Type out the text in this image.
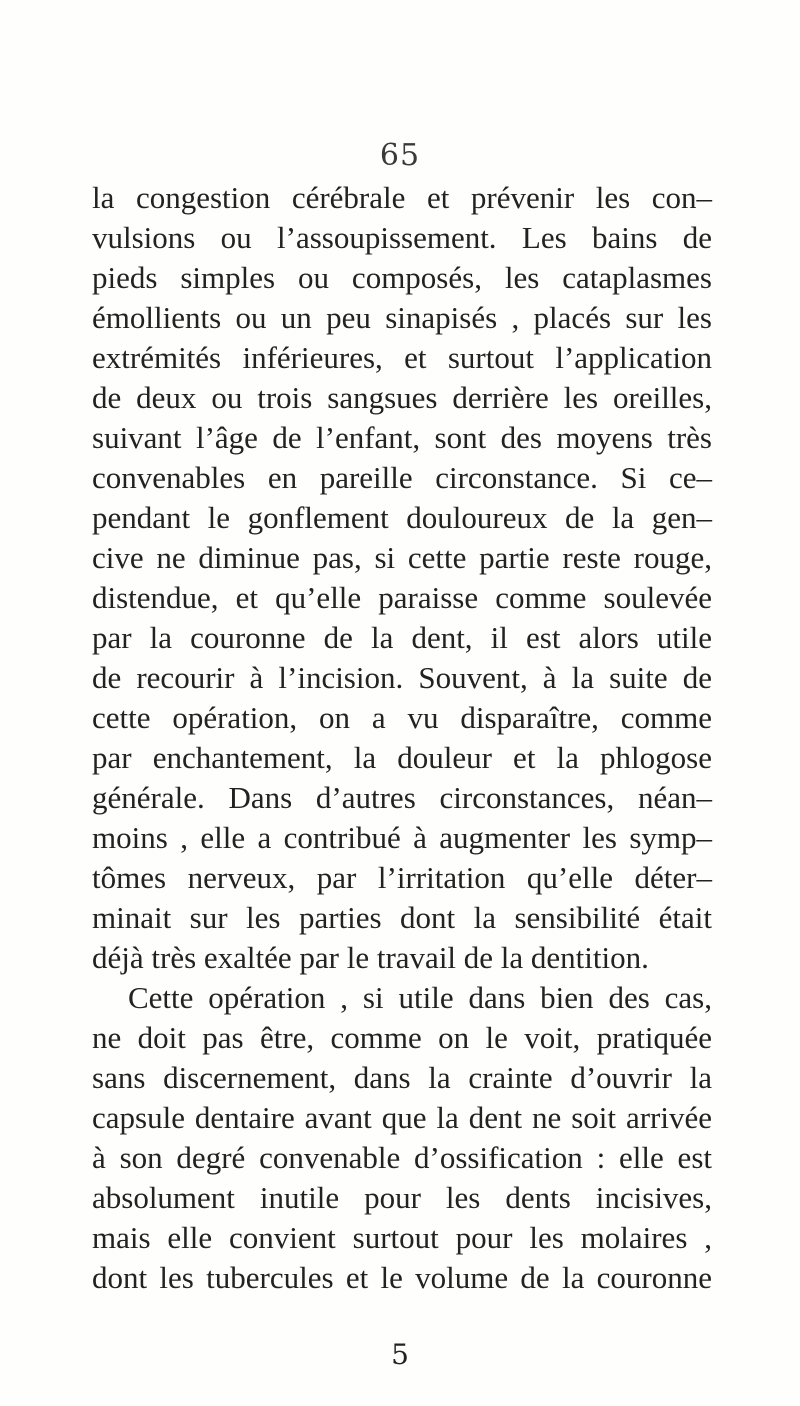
65
la congestion cérébrale et prévenir les con–
vulsions ou l’assoupissement. Les bains de
pieds simples ou composés, les cataplasmes
émollients ou un peu sinapisés , placés sur les
extrémités inférieures, et surtout l’application
de deux ou trois sangsues derrière les oreilles,
suivant l’âge de l’enfant, sont des moyens très
convenables en pareille circonstance. Si ce–
pendant le gonflement douloureux de la gen–
cive ne diminue pas, si cette partie reste rouge,
distendue, et qu’elle paraisse comme soulevée
par la couronne de la dent, il est alors utile
de recourir à l’incision. Souvent, à la suite de
cette opération, on a vu disparaître, comme
par enchantement, la douleur et la phlogose
générale. Dans d’autres circonstances, néan–
moins , elle a contribué à augmenter les symp–
tômes nerveux, par l’irritation qu’elle déter–
minait sur les parties dont la sensibilité était
déjà très exaltée par le travail de la dentition.
Cette opération , si utile dans bien des cas,
ne doit pas être, comme on le voit, pratiquée
sans discernement, dans la crainte d’ouvrir la
capsule dentaire avant que la dent ne soit arrivée
à son degré convenable d’ossification : elle est
absolument inutile pour les dents incisives,
mais elle convient surtout pour les molaires ,
dont les tubercules et le volume de la couronne
5
